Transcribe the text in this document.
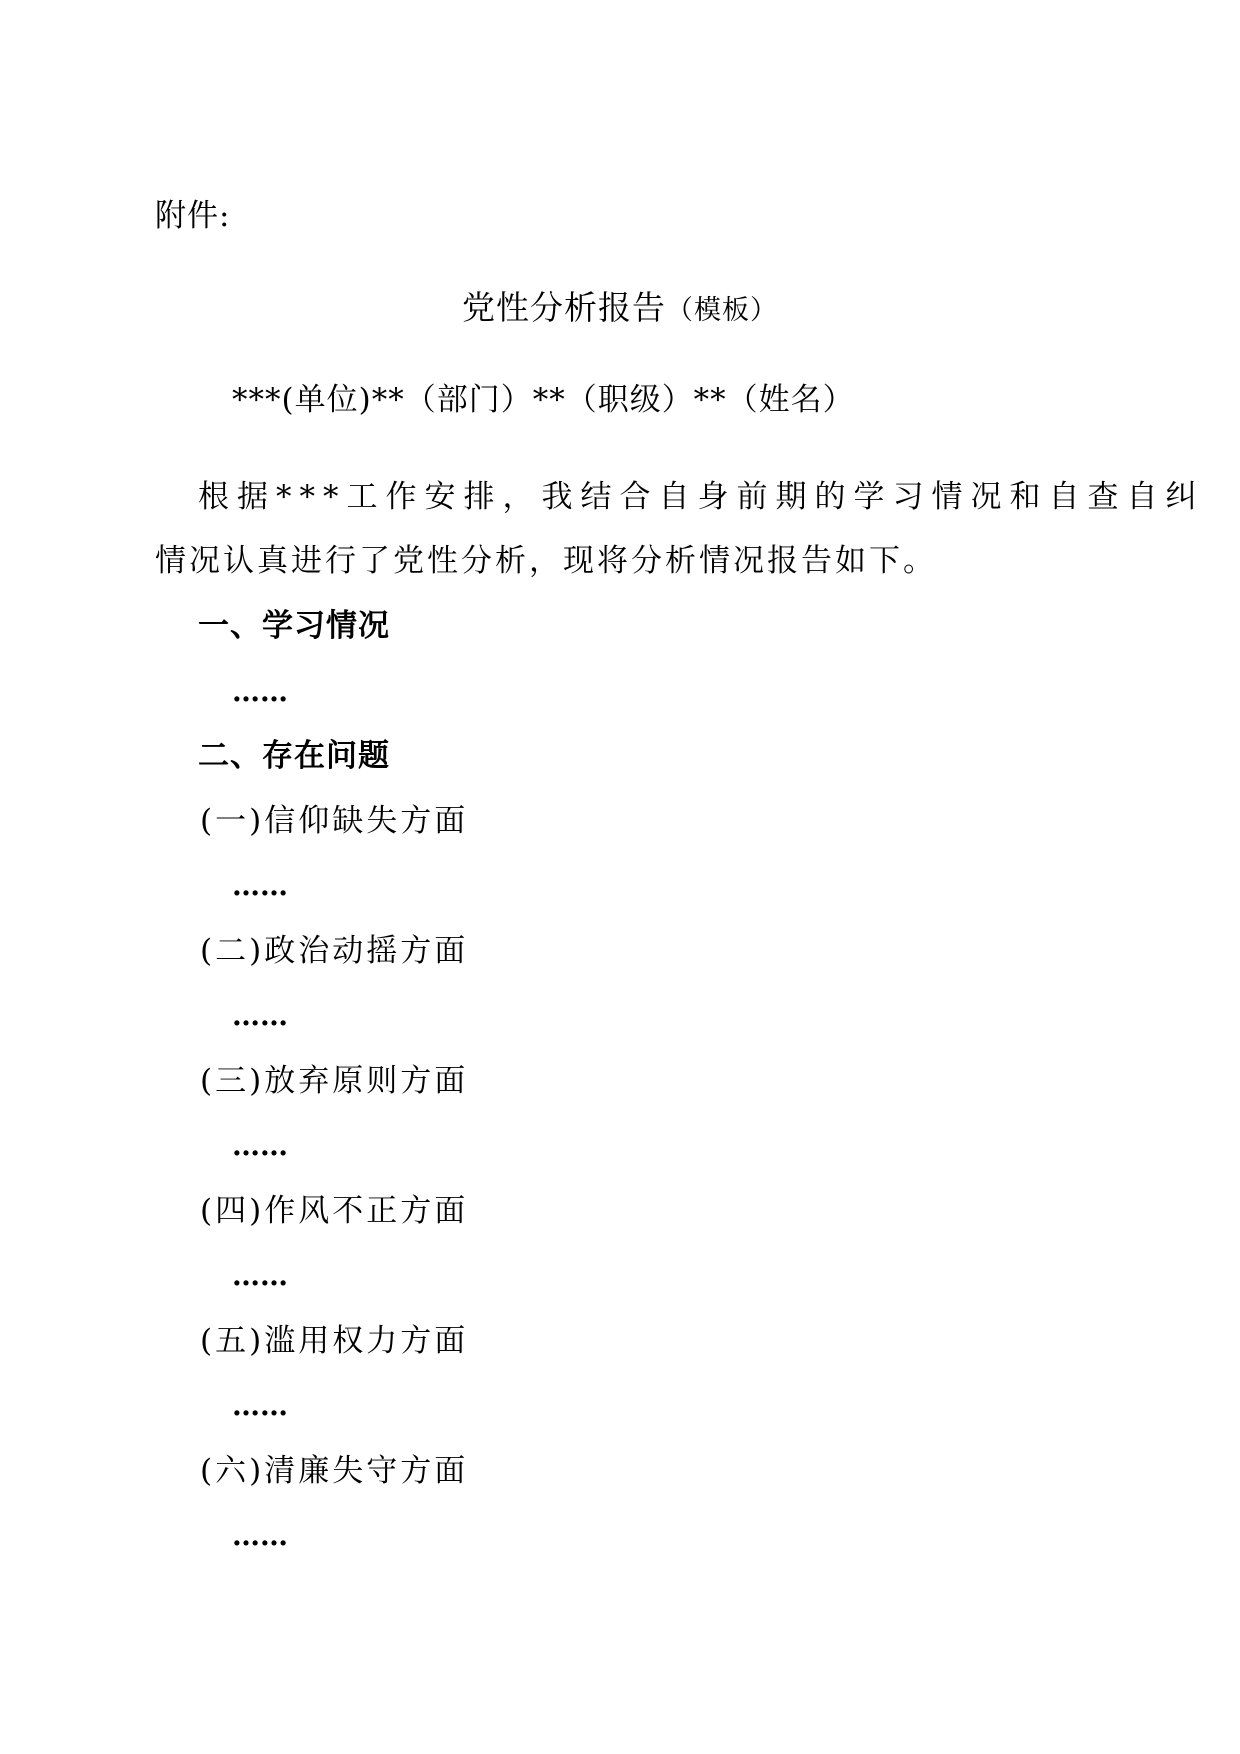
附件:
党性分析报告（模板）
***(单位)**（部门）**（职级）**（姓名）
根据***工作安排，我结合自身前期的学习情况和自查自纠
情况认真进行了党性分析，现将分析情况报告如下。
一、学习情况
……
二、存在问题
(一)信仰缺失方面
……
(二)政治动摇方面
……
(三)放弃原则方面
……
(四)作风不正方面
……
(五)滥用权力方面
……
(六)清廉失守方面
……
